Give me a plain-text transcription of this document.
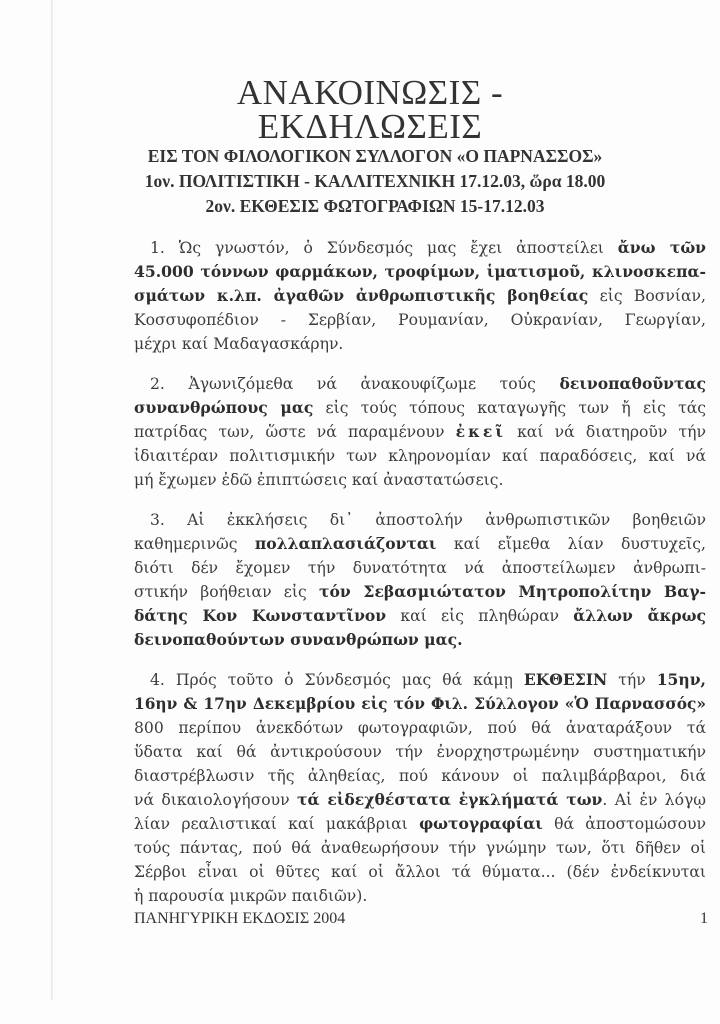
ΑΝΑΚΟΙΝΩΣΙΣ -
ΕΚΔΗΛΩΣΕΙΣ
ΕΙΣ ΤΟΝ ΦΙΛΟΛΟΓΙΚΟΝ ΣΥΛΛΟΓΟΝ «Ο ΠΑΡΝΑΣΣΟΣ»
1ον. ΠΟΛΙΤΙΣΤΙΚΗ - ΚΑΛΛΙΤΕΧΝΙΚΗ 17.12.03, ὥρα 18.00
2ον. ΕΚΘΕΣΙΣ ΦΩΤΟΓΡΑΦΙΩΝ 15-17.12.03
1. Ὡς γνωστόν, ὁ Σύνδεσμός μας ἔχει ἀποστείλει ἄνω τῶν
45.000 τόννων φαρμάκων, τροφίμων, ἱματισμοῦ, κλινοσκεπα-
σμάτων κ.λπ. ἀγαθῶν ἀνθρωπιστικῆς βοηθείας εἰς Βοσνίαν,
Κοσσυφοπέδιον - Σερβίαν, Ρουμανίαν, Οὐκρανίαν, Γεωργίαν,
μέχρι καί Μαδαγασκάρην.
2. Ἀγωνιζόμεθα νά ἀνακουφίζωμε τούς δεινοπαθοῦντας
συνανθρώπους μας εἰς τούς τόπους καταγωγῆς των ἤ εἰς τάς
πατρίδας των, ὥστε νά παραμένουν ἐκεῖ καί νά διατηροῦν τήν
ἰδιαιτέραν πολιτισμικήν των κληρονομίαν καί παραδόσεις, καί νά
μή ἔχωμεν ἐδῶ ἐπιπτώσεις καί ἀναστατώσεις.
3. Αἱ ἐκκλήσεις δι᾿ ἀποστολήν ἀνθρωπιστικῶν βοηθειῶν
καθημερινῶς πολλαπλασιάζονται καί εἴμεθα λίαν δυστυχεῖς,
διότι δέν ἔχομεν τήν δυνατότητα νά ἀποστείλωμεν ἀνθρωπι-
στικήν βοήθειαν εἰς τόν Σεβασμιώτατον Μητροπολίτην Βαγ-
δάτης Κον Κωνσταντῖνον καί εἰς πληθώραν ἄλλων ἄκρως
δεινοπαθούντων συνανθρώπων μας.
4. Πρός τοῦτο ὁ Σύνδεσμός μας θά κάμῃ ΕΚΘΕΣΙΝ τήν 15ην,
16ην & 17ην Δεκεμβρίου εἰς τόν Φιλ. Σύλλογον «Ὁ Παρνασσός»
800 περίπου ἀνεκδότων φωτογραφιῶν, πού θά ἀναταράξουν τά
ὕδατα καί θά ἀντικρούσουν τήν ἐνορχηστρωμένην συστηματικήν
διαστρέβλωσιν τῆς ἀληθείας, πού κάνουν οἱ παλιμβάρβαροι, διά
νά δικαιολογήσουν τά εἰδεχθέστατα ἐγκλήματά των. Αἱ ἐν λόγῳ
λίαν ρεαλιστικαί καί μακάβριαι φωτογραφίαι θά ἀποστομώσουν
τούς πάντας, πού θά ἀναθεωρήσουν τήν γνώμην των, ὅτι δῆθεν οἱ
Σέρβοι εἶναι οἱ θῦτες καί οἱ ἄλλοι τά θύματα... (δέν ἐνδείκνυται
ἡ παρουσία μικρῶν παιδιῶν).
ΠΑΝΗΓΥΡΙΚΗ ΕΚΔΟΣΙΣ 2004	1
